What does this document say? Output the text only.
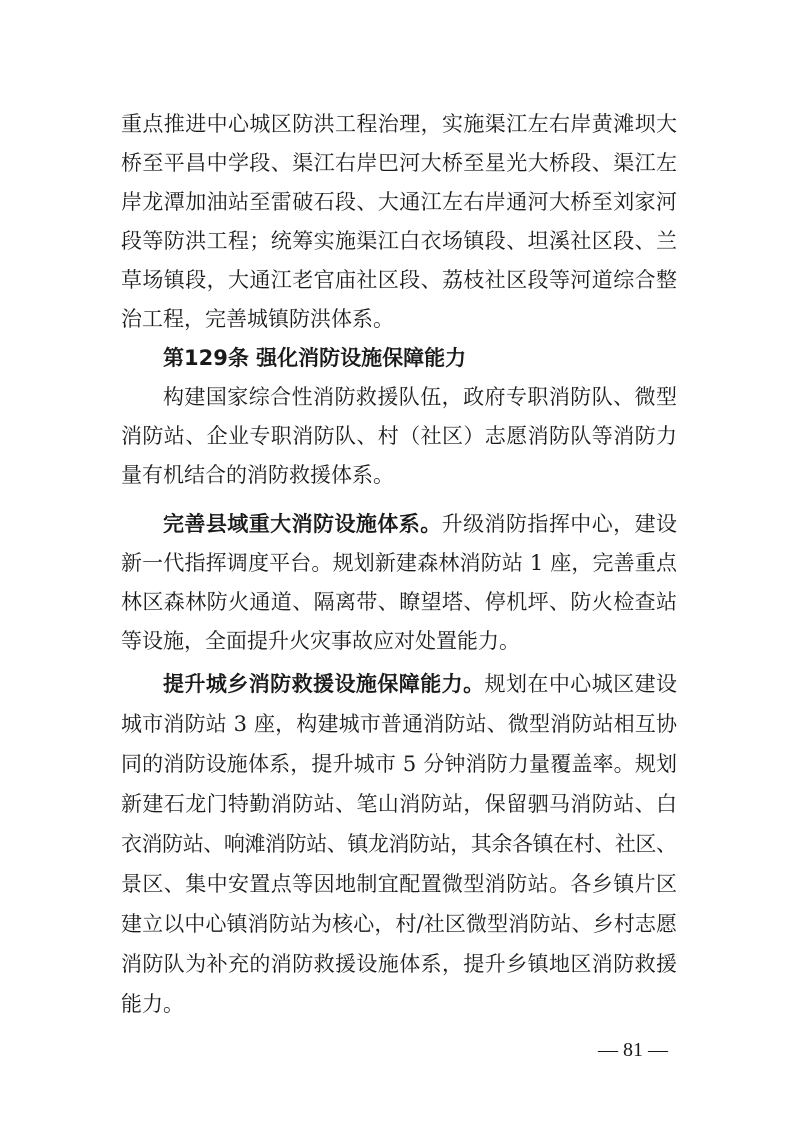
重点推进中心城区防洪工程治理，实施渠江左右岸黄滩坝大
桥至平昌中学段、渠江右岸巴河大桥至星光大桥段、渠江左
岸龙潭加油站至雷破石段、大通江左右岸通河大桥至刘家河
段等防洪工程；统筹实施渠江白衣场镇段、坦溪社区段、兰
草场镇段，大通江老官庙社区段、荔枝社区段等河道综合整
治工程，完善城镇防洪体系。
第129条 强化消防设施保障能力
构建国家综合性消防救援队伍，政府专职消防队、微型
消防站、企业专职消防队、村（社区）志愿消防队等消防力
量有机结合的消防救援体系。
完善县域重大消防设施体系。升级消防指挥中心，建设
新一代指挥调度平台。规划新建森林消防站 1 座，完善重点
林区森林防火通道、隔离带、瞭望塔、停机坪、防火检查站
等设施，全面提升火灾事故应对处置能力。
提升城乡消防救援设施保障能力。规划在中心城区建设
城市消防站 3 座，构建城市普通消防站、微型消防站相互协
同的消防设施体系，提升城市 5 分钟消防力量覆盖率。规划
新建石龙门特勤消防站、笔山消防站，保留驷马消防站、白
衣消防站、响滩消防站、镇龙消防站，其余各镇在村、社区、
景区、集中安置点等因地制宜配置微型消防站。各乡镇片区
建立以中心镇消防站为核心，村/社区微型消防站、乡村志愿
消防队为补充的消防救援设施体系，提升乡镇地区消防救援
能力。
— 81 —
